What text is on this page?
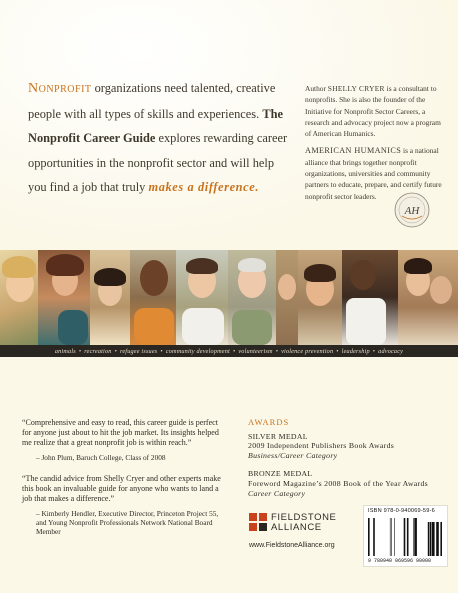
Nonprofit organizations need talented, creative people with all types of skills and experiences. The Nonprofit Career Guide explores rewarding career opportunities in the nonprofit sector and will help you find a job that truly makes a difference.

Author SHELLY CRYER is a consultant to nonprofits. She is also the founder of the Initiative for Nonprofit Sector Careers, a research and advocacy project now a program of American Humanics.

AMERICAN HUMANICS is a national alliance that brings together nonprofit organizations, universities and community partners to educate, prepare, and certify future nonprofit sector leaders.

AH
animals • recreation • refugee issues • community development • volunteerism • violence prevention • leadership • advocacy
“Comprehensive and easy to read, this career guide is perfect for anyone just about to hit the job market. Its insights helped me realize that a great nonprofit job is within reach.”
– John Plum, Baruch College, Class of 2008
“The candid advice from Shelly Cryer and other experts make this book an invaluable guide for anyone who wants to land a job that makes a difference.”
– Kimberly Hendler, Executive Director, Princeton Project 55, and Young Nonprofit Professionals Network National Board Member
AWARDS
SILVER MEDAL
2009 Independent Publishers Book Awards
Business/Career Category
BRONZE MEDAL
Foreword Magazine’s 2008 Book of the Year Awards
Career Category
FIELDSTONE
ALLIANCE
www.FieldstoneAlliance.org
ISBN 978-0-940069-59-6
9 780940 069596 90000
